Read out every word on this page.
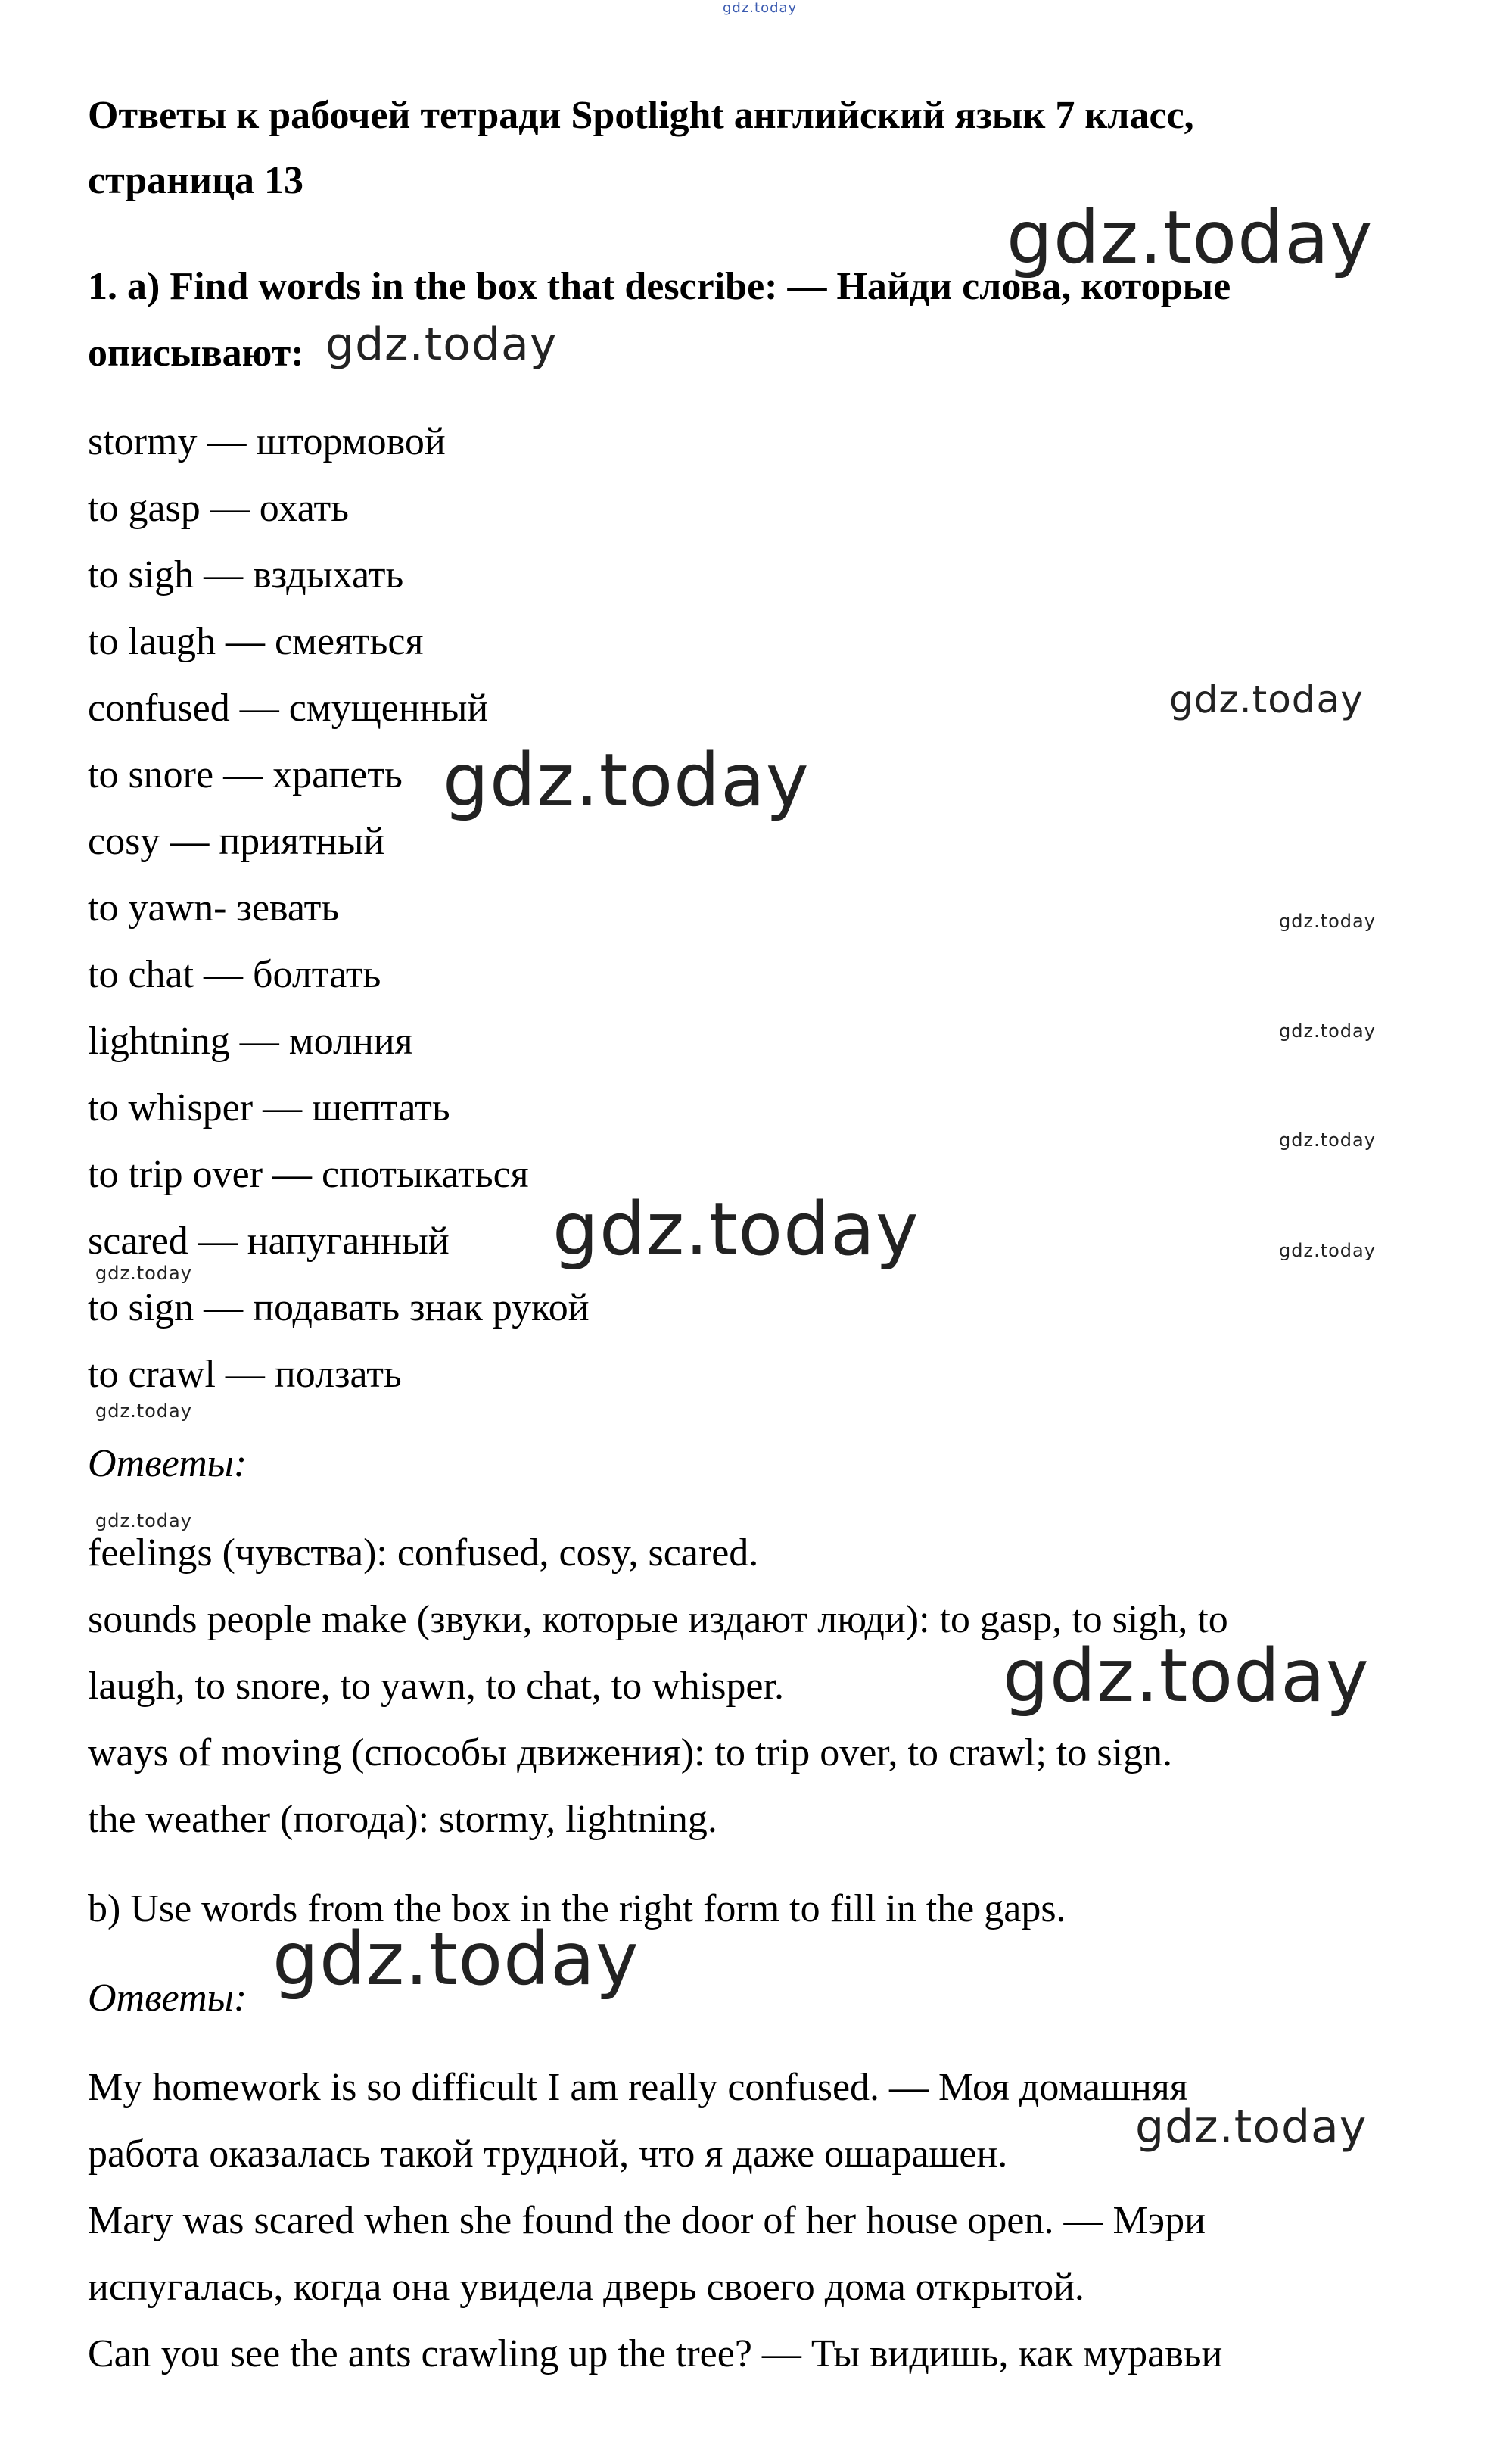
Ответы к рабочей тетради Spotlight английский язык 7 класс,
страница 13
1. a) Find words in the box that describe: — Найди слова, которые
описывают:
stormy — штормовой
to gasp — охать
to sigh — вздыхать
to laugh — смеяться
confused — смущенный
to snore — храпеть
cosy — приятный
to yawn- зевать
to chat — болтать
lightning — молния
to whisper — шептать
to trip over — спотыкаться
scared — напуганный
to sign — подавать знак рукой
to crawl — ползать
Ответы:
feelings (чувства): confused, cosy, scared.
sounds people make (звуки, которые издают люди): to gasp, to sigh, to
laugh, to snore, to yawn, to chat, to whisper.
ways of moving (способы движения): to trip over, to crawl; to sign.
the weather (погода): stormy, lightning.
b) Use words from the box in the right form to fill in the gaps.
Ответы:
My homework is so difficult I am really confused. — Моя домашняя
работа оказалась такой трудной, что я даже ошарашен.
Mary was scared when she found the door of her house open. — Мэри
испугалась, когда она увидела дверь своего дома открытой.
Can you see the ants crawling up the tree? — Ты видишь, как муравьи
gdz.today
gdz.today
gdz.today
gdz.today
gdz.today
gdz.today
gdz.today
gdz.today
gdz.today	gdz.today
gdz.today
gdz.today
gdz.today
gdz.today
gdz.today
gdz.today
